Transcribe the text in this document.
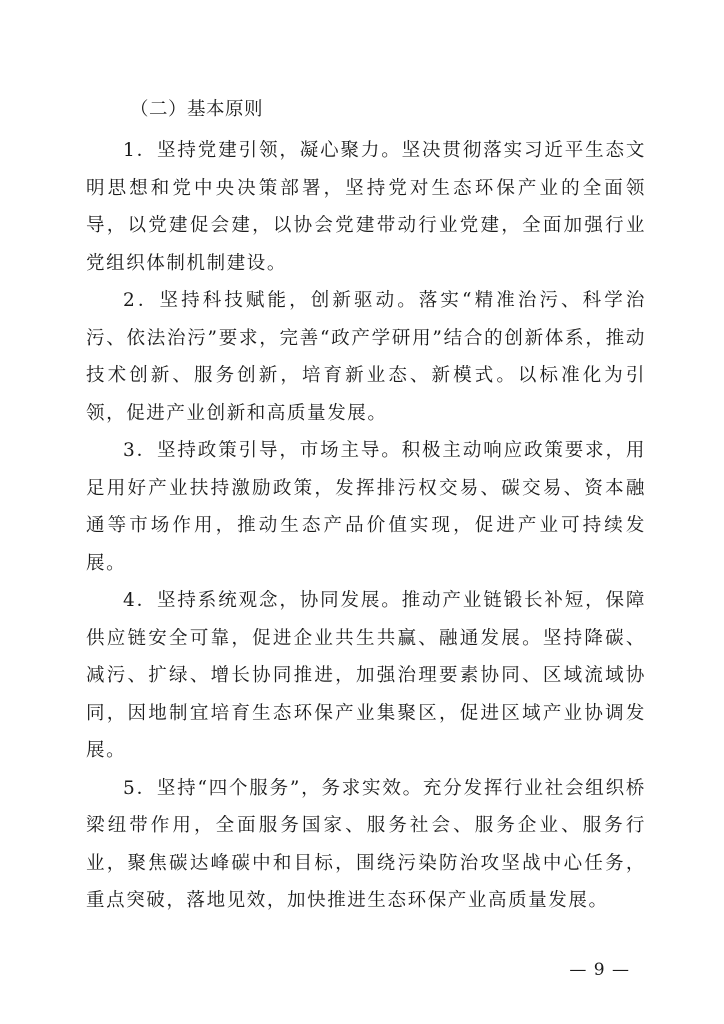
（二）基本原则

1．坚持党建引领，凝心聚力。坚决贯彻落实习近平生态文明思想和党中央决策部署，坚持党对生态环保产业的全面领导，以党建促会建，以协会党建带动行业党建，全面加强行业党组织体制机制建设。

2．坚持科技赋能，创新驱动。落实“精准治污、科学治污、依法治污”要求，完善“政产学研用”结合的创新体系，推动技术创新、服务创新，培育新业态、新模式。以标准化为引领，促进产业创新和高质量发展。

3．坚持政策引导，市场主导。积极主动响应政策要求，用足用好产业扶持激励政策，发挥排污权交易、碳交易、资本融通等市场作用，推动生态产品价值实现，促进产业可持续发展。

4．坚持系统观念，协同发展。推动产业链锻长补短，保障供应链安全可靠，促进企业共生共赢、融通发展。坚持降碳、减污、扩绿、增长协同推进，加强治理要素协同、区域流域协同，因地制宜培育生态环保产业集聚区，促进区域产业协调发展。

5．坚持“四个服务”，务求实效。充分发挥行业社会组织桥梁纽带作用，全面服务国家、服务社会、服务企业、服务行业，聚焦碳达峰碳中和目标，围绕污染防治攻坚战中心任务，重点突破，落地见效，加快推进生态环保产业高质量发展。

— 9 —
